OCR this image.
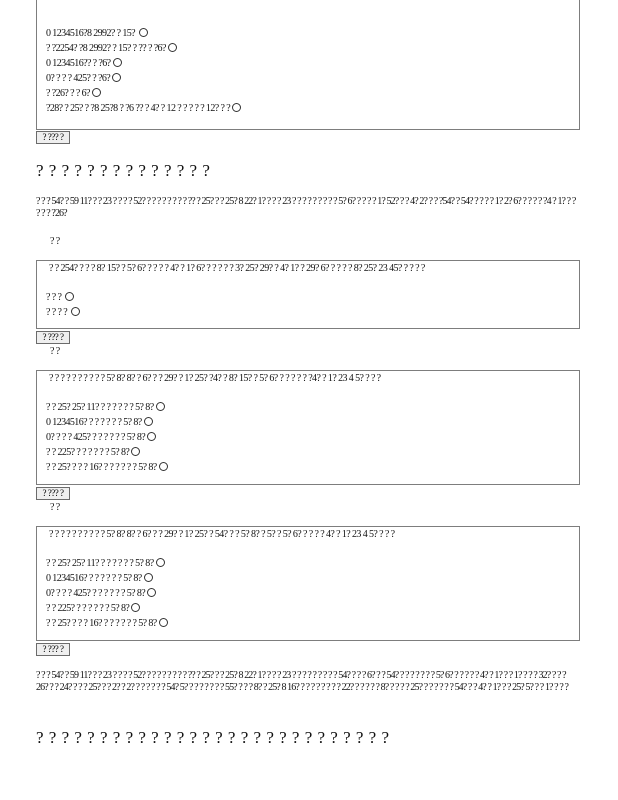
0 1234516?8 2992? ? 15?
? ?2254? ?8 2992? ? 15? ? ?? ? ?6?
0 1234516?? ? ?6?
0? ? ? ? 425? ? ?6?
? ?26? ? ? 6?
?28? ? 25? ? ?8 25?8 ? ?6 ?? ? 4? ? 12 ? ? ? ? ? 12? ? ?
? ??? ?
? ? ? ? ? ? ? ? ? ? ? ? ? ?
? ? ? 54? ? 59 11? ? ? 23 ? ? ? ? 52? ? ? ? ? ? ? ? ? ?? ? 25? ? ? 25? 8 22? 1? ? ? ? 23 ? ? ? ? ? ? ? ? ? 5? 6? ? ? ? ? 1? 52? ? ? 4? 2? ? ? ?54? ? 54? ? ? ? ? 1? 2? 6? ? ? ? ? ?4 ? 1? ? ? ? ? ? ?26?
? ?
? ? 254? ? ? ? 8? 15? ? 5? 6? ? ? ? ? 4? ? 1? 6? ? ? ? ? ? 3? 25? 29? ? 4? 1? ? 29? 6? ? ? ? ? 8? 25? 23 45? ? ? ? ?
? ? ?
? ? ? ?
? ??? ?
? ?
? ? ? ? ? ? ? ? ? ? 5? 8? 8? ? 6? ? ? 29? ? 1? 25? ?4? ? 8? 15? ? 5? 6? ? ? ? ? ? ?4? ? 1? 23 4 5? ? ? ?
? ? 25? 25? 11? ? ? ? ? ? ? 5? 8?
0 1234516? ? ? ? ? ? ? 5? 8?
0? ? ? ? 425? ? ? ? ? ? ? 5? 8?
? ? 225? ? ? ? ? ? ? 5? 8?
? ? 25? ? ? ? 16? ? ? ? ? ? ? 5? 8?
? ??? ?
? ?
? ? ? ? ? ? ? ? ? ? 5? 8? 8? ? 6? ? ? 29? ? 1? 25? ? 54? ? ? 5? 8? ? 5? ? 5? 6? ? ? ? ? 4? ? 1? 23 4 5? ? ? ?
? ? 25? 25? 11? ? ? ? ? ? ? 5? 8?
0 1234516? ? ? ? ? ? ? 5? 8?
0? ? ? ? 425? ? ? ? ? ? ? 5? 8?
? ? 225? ? ? ? ? ? ? 5? 8?
? ? 25? ? ? ? 16? ? ? ? ? ? ? 5? 8?
? ??? ?
? ? ? 54? ? 59 11? ? ? 23 ? ? ? ? 52? ? ? ? ? ? ? ? ? ?? ? 25? ? ? 25? 8 22? 1? ? ? ? 23 ? ? ? ? ? ? ? ? ? 54? ? ? ? 6? ? ? 54? ? ? ? ? ? ? ? 5? 6? ? ? ? ? ? 4? ? 1? ? ? 1? ? ? ? 32? ? ? ? 26? ? ? 24? ? ? ? 25? ? ? 2? ? 2? ? ? ? ? ? ? 54? 5? ? ? ? ? ? ? ? 55? ? ? ? 8? ? 25? 8 16? ? ? ? ? ? ? ? ? 22? ? ? ? ? ? 8? ? ? ? ? 25? ? ? ? ? ? ? 54? ? ? 4? ? 1? ? ? 25? 5? ? ? 1? ? ? ?
? ? ? ? ? ? ? ? ? ? ? ? ? ? ? ? ? ? ? ? ? ? ? ? ? ? ? ?
